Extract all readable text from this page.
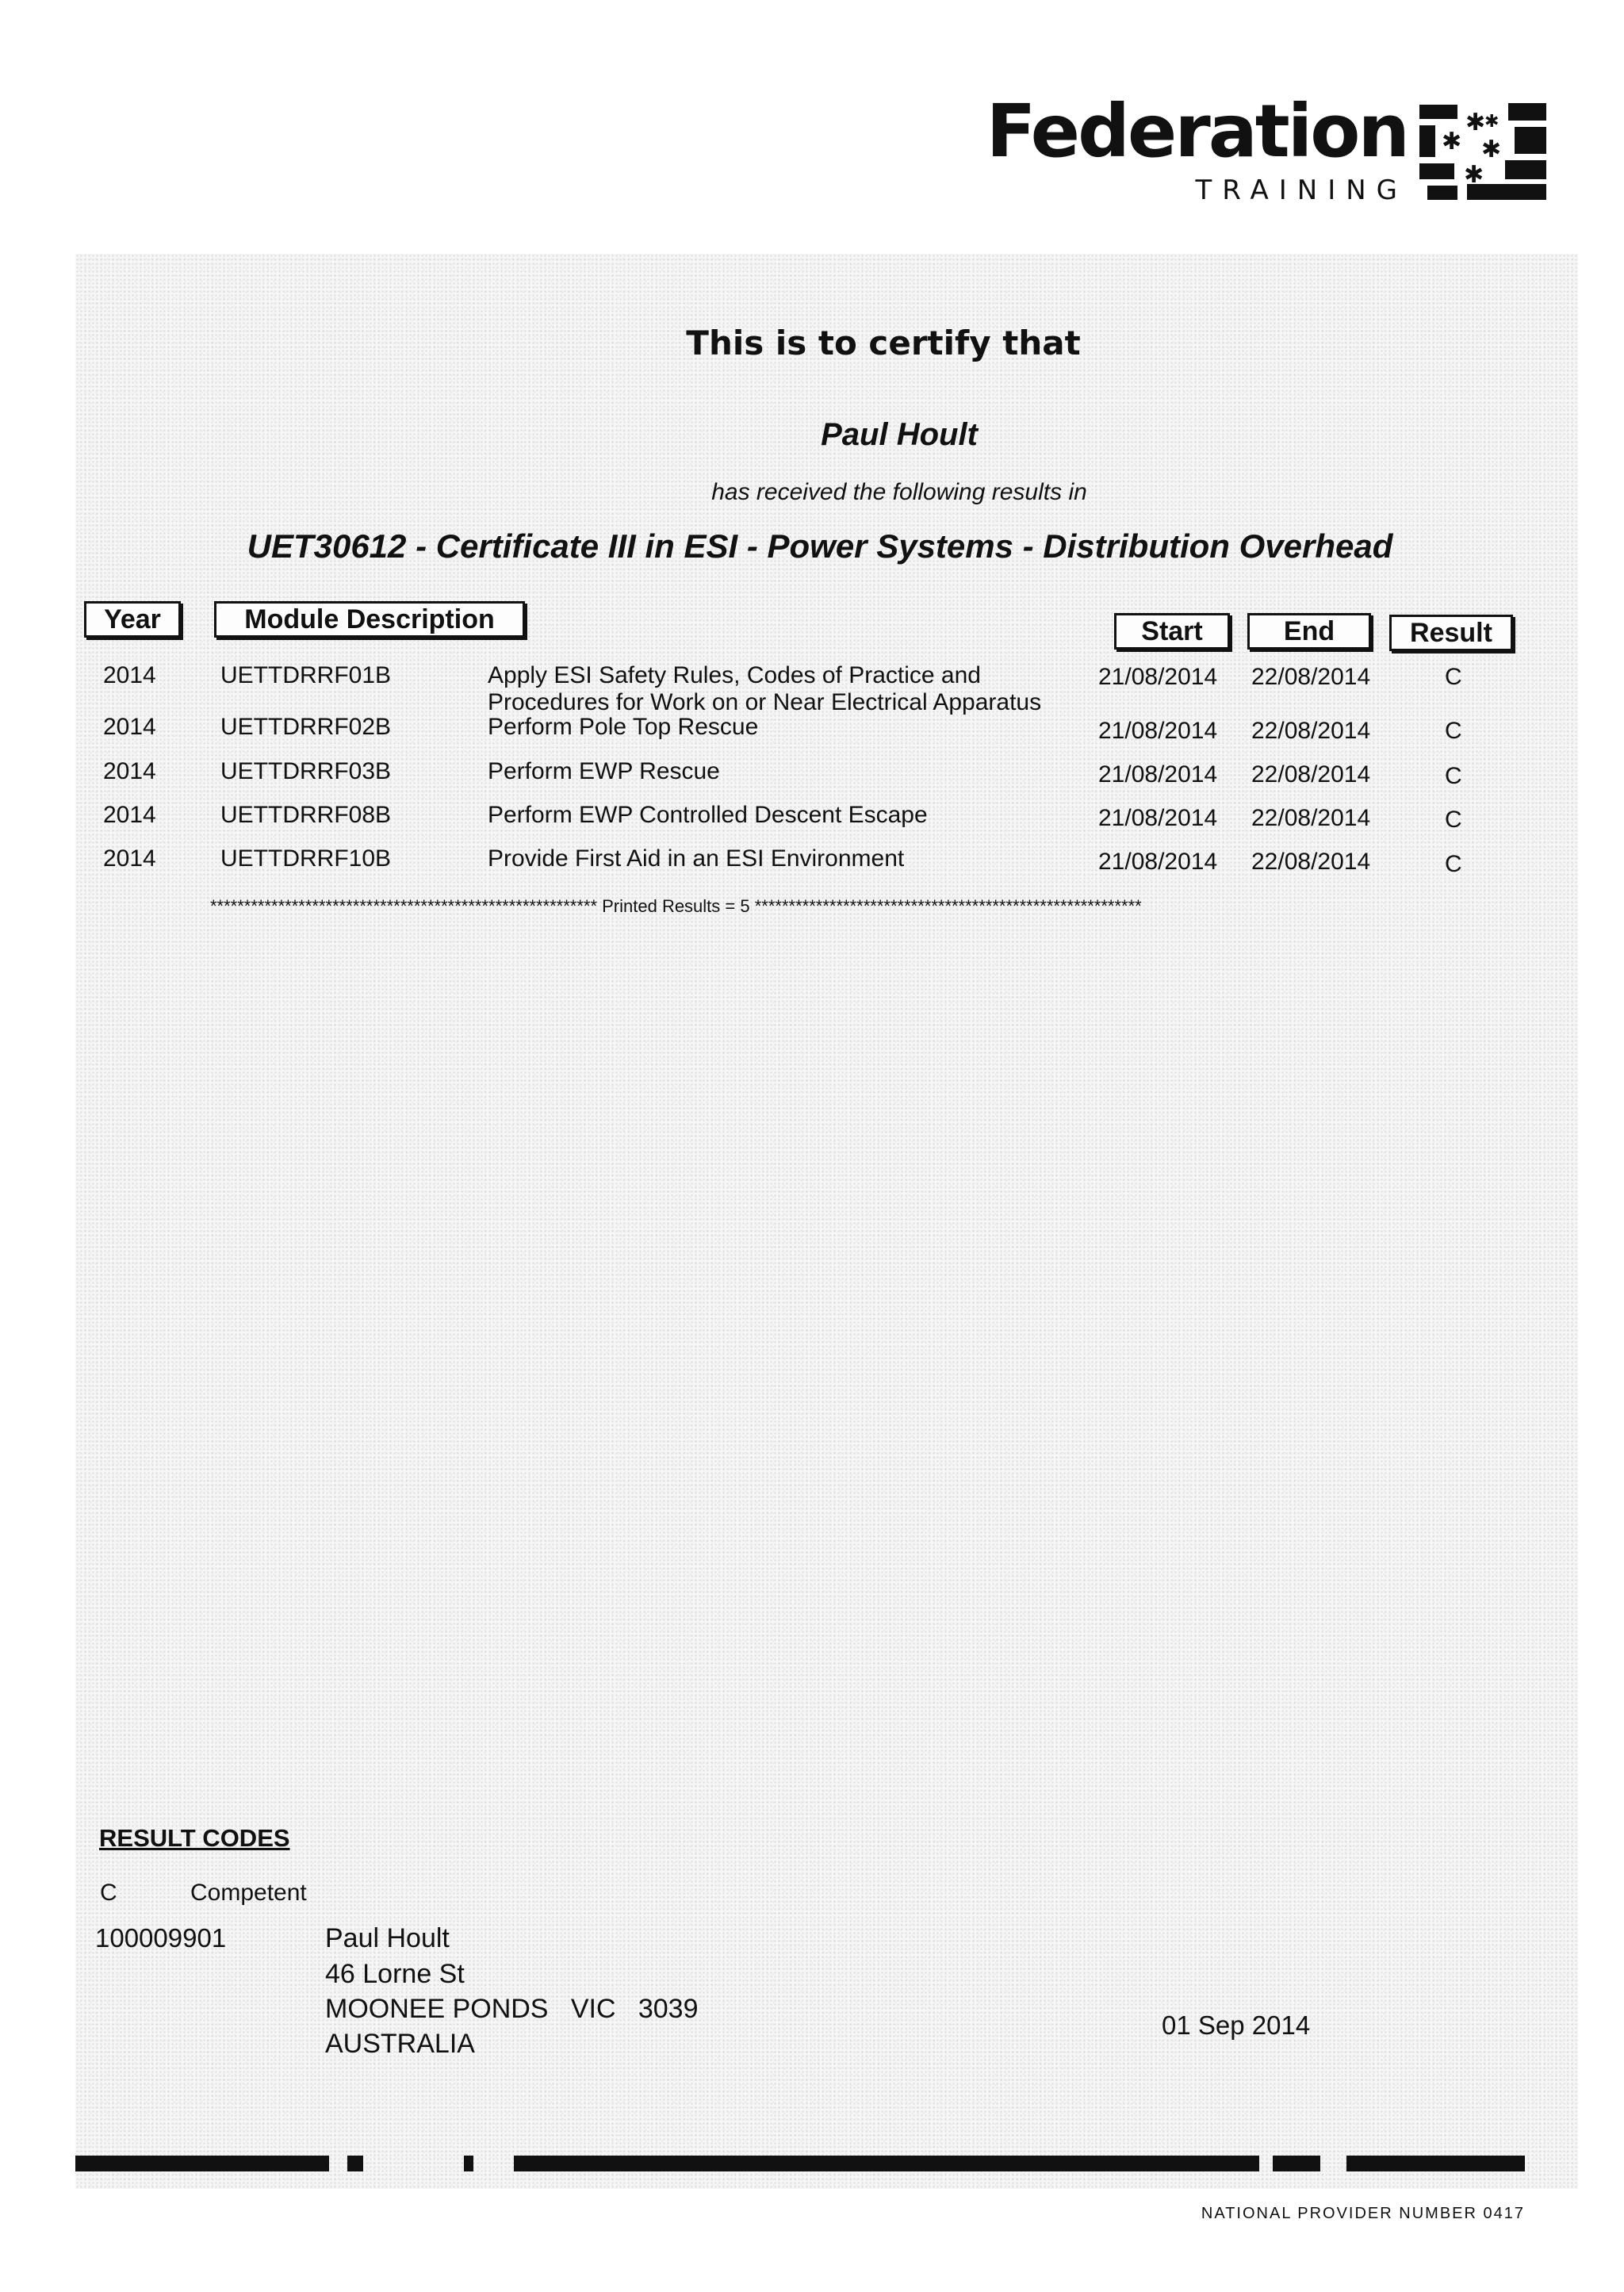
Federation
TRAINING
✱
✱
✱
✱
✱
This is to certify that
Paul Hoult
has received the following results in
UET30612 - Certificate III in ESI - Power Systems - Distribution Overhead
Year	Module Description	Start	End	Result
2014	UETTDRRF01B	Apply ESI Safety Rules, Codes of Practice and
Procedures for Work on or Near Electrical Apparatus
21/08/2014 22/08/2014	C
2014	UETTDRRF02B	Perform Pole Top Rescue	21/08/2014 22/08/2014	C
2014	UETTDRRF03B	Perform EWP Rescue	21/08/2014 22/08/2014	C
2014	UETTDRRF08B	Perform EWP Controlled Descent Escape	21/08/2014 22/08/2014	C
2014	UETTDRRF10B	Provide First Aid in an ESI Environment	21/08/2014 22/08/2014	C
********************************************************* Printed Results = 5 *********************************************************
RESULT CODES
C	Competent
100009901	Paul Hoult
46 Lorne St
MOONEE PONDS   VIC   3039
AUSTRALIA
01 Sep 2014
NATIONAL PROVIDER NUMBER 0417
